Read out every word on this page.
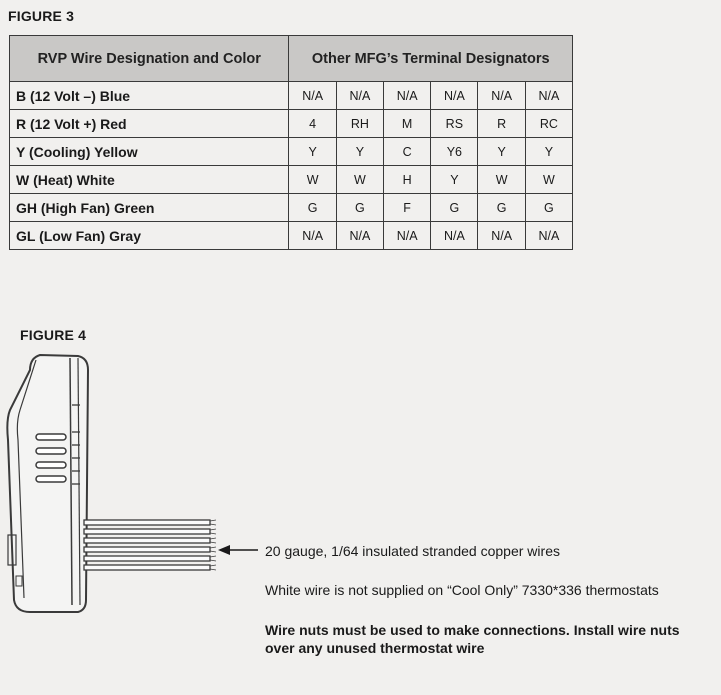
FIGURE 3
RVP Wire Designation and Color	Other MFG’s Terminal Designators					
B (12 Volt –) Blue	N/A	N/A	N/A	N/A	N/A	N/A
R (12 Volt +) Red	4	RH	M	RS	R	RC
Y (Cooling) Yellow	Y	Y	C	Y6	Y	Y
W (Heat) White	W	W	H	Y	W	W
GH (High Fan) Green	G	G	F	G	G	G
GL (Low Fan) Gray	N/A	N/A	N/A	N/A	N/A	N/A
FIGURE 4
20 gauge, 1/64 insulated stranded copper wires
White wire is not supplied on “Cool Only” 7330*336 thermostats
Wire nuts must be used to make connections. Install wire nuts over any unused thermostat wire
